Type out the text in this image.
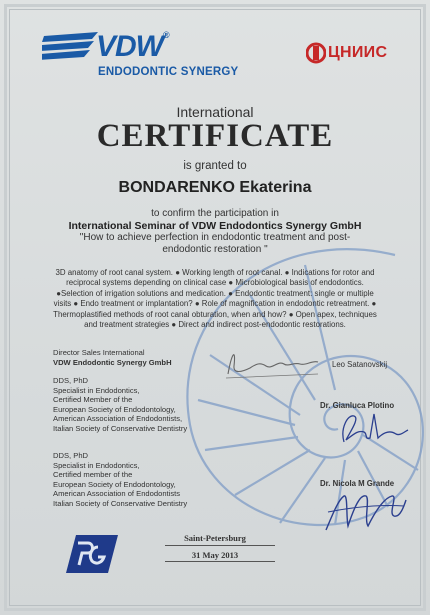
VDW®
ENDODONTIC SYNERGY
ЦНИИС
International
CERTIFICATE
is granted to
BONDARENKO Ekaterina
to confirm the participation in
International Seminar of VDW Endodontics Synergy GmbH
"How to achieve perfection in endodontic treatment and post-
endodontic restoration "
3D anatomy of root canal system. ● Working length of root canal. ● Indications for rotor and
reciprocal systems depending on clinical case ● Microbiological basis of endodontics.
●Selection of irrigation solutions and medication. ● Endodontic treatment: single or multiple
visits ● Endo treatment or implantation? ● Role of magnification in endodontic retreatment. ●
Thermoplastified methods of root canal obturation, when and how? ● Open apex, techniques
and treatment strategies ● Direct and indirect post-endodontic restorations.
Director Sales International
VDW Endodontic Synergy GmbH	Leo Satanovskij
DDS, PhD
Specialist in Endodontics,
Certified Member of the
European Society of Endodontology,
American Association of Endodontists,
Italian Society of Conservative Dentistry
Dr. Gianluca Plotino
DDS, PhD
Specialist in Endodontics,
Certified member of the
European Society of Endodontology,
American Association of Endodontists
Italian Society of Conservative Dentistry
Dr. Nicola M Grande
Saint-Petersburg
31 May 2013
